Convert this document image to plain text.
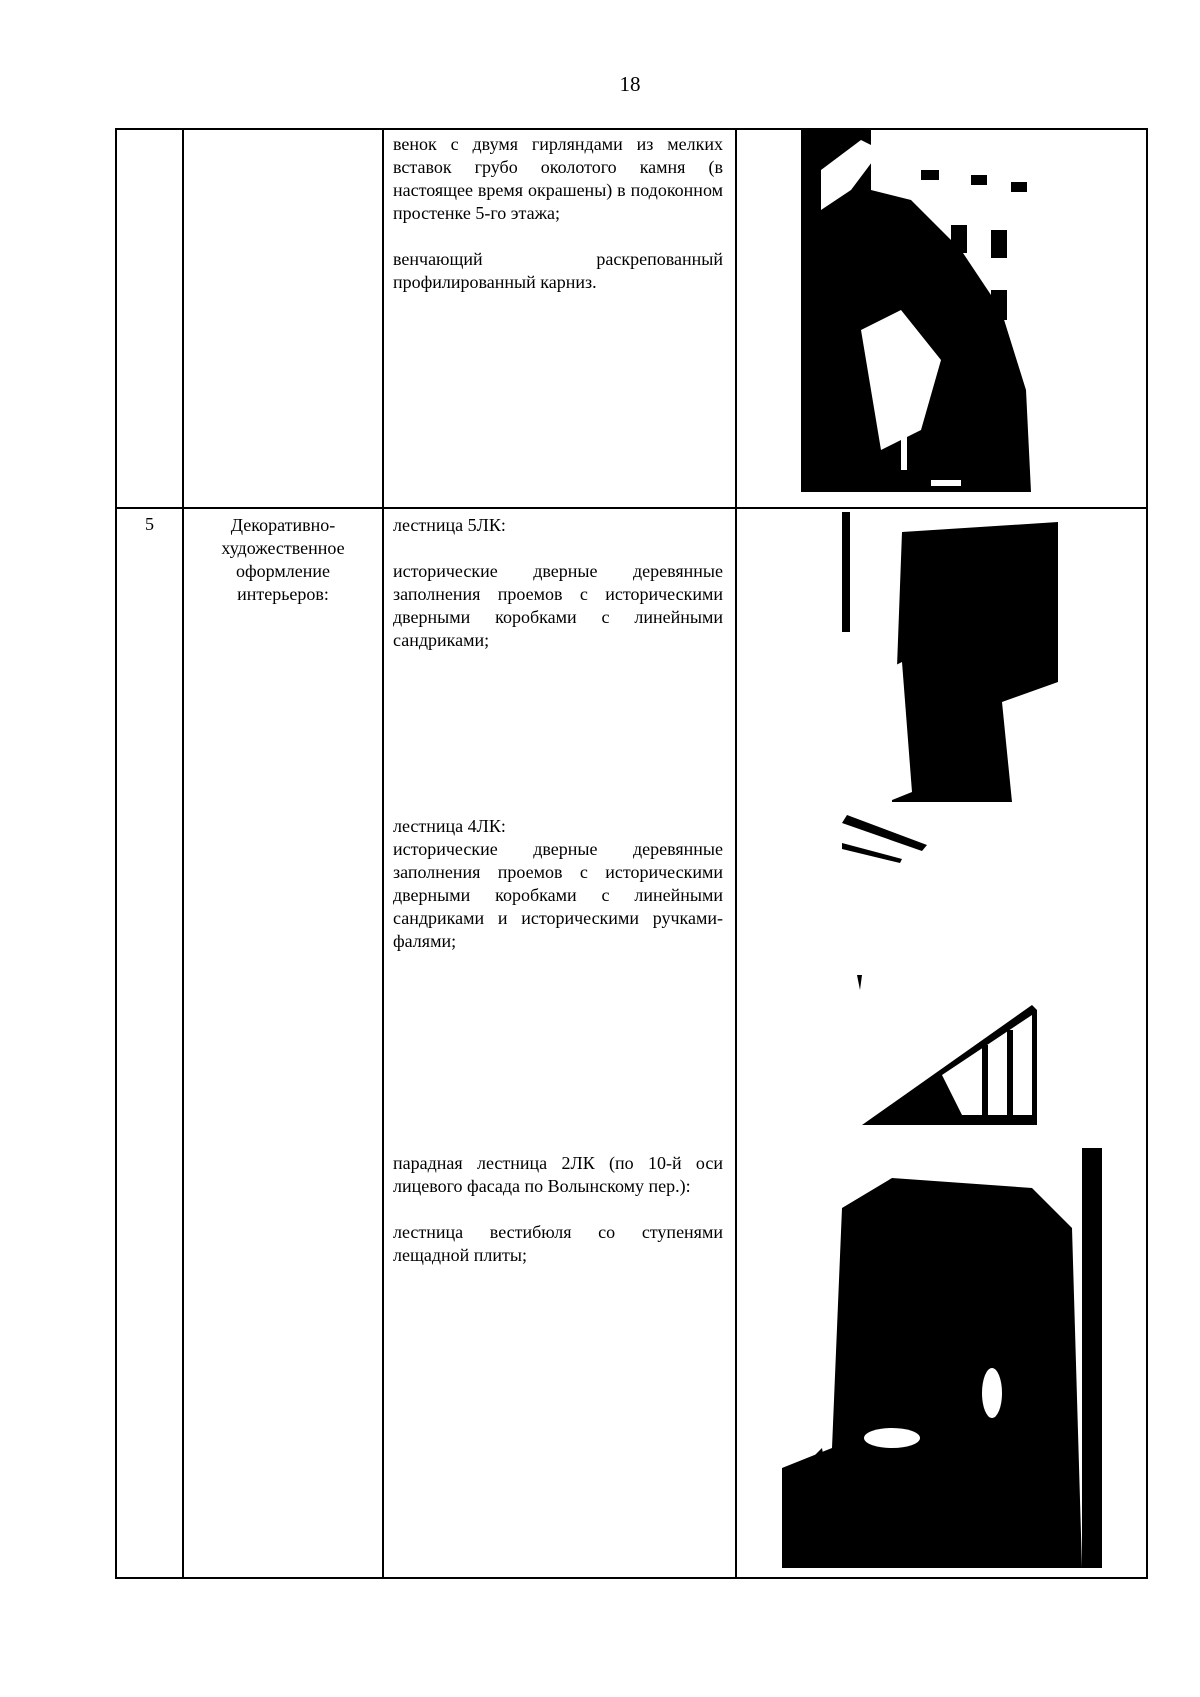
18

венок с двумя гирляндами из мелких вставок грубо околотого камня (в настоящее время окрашены) в подоконном простенке 5-го этажа;

венчающий раскрепованный профилированный карниз.

5	Декоративно-художественное оформление интерьеров:

лестница 5ЛК:

исторические дверные деревянные заполнения проемов с историческими дверными коробками с линейными сандриками;

лестница 4ЛК:

исторические дверные деревянные заполнения проемов с историческими дверными коробками с линейными сандриками и историческими ручками-фалями;

парадная лестница 2ЛК (по 10-й оси лицевого фасада по Волынскому пер.):

лестница вестибюля со ступенями лещадной плиты;
